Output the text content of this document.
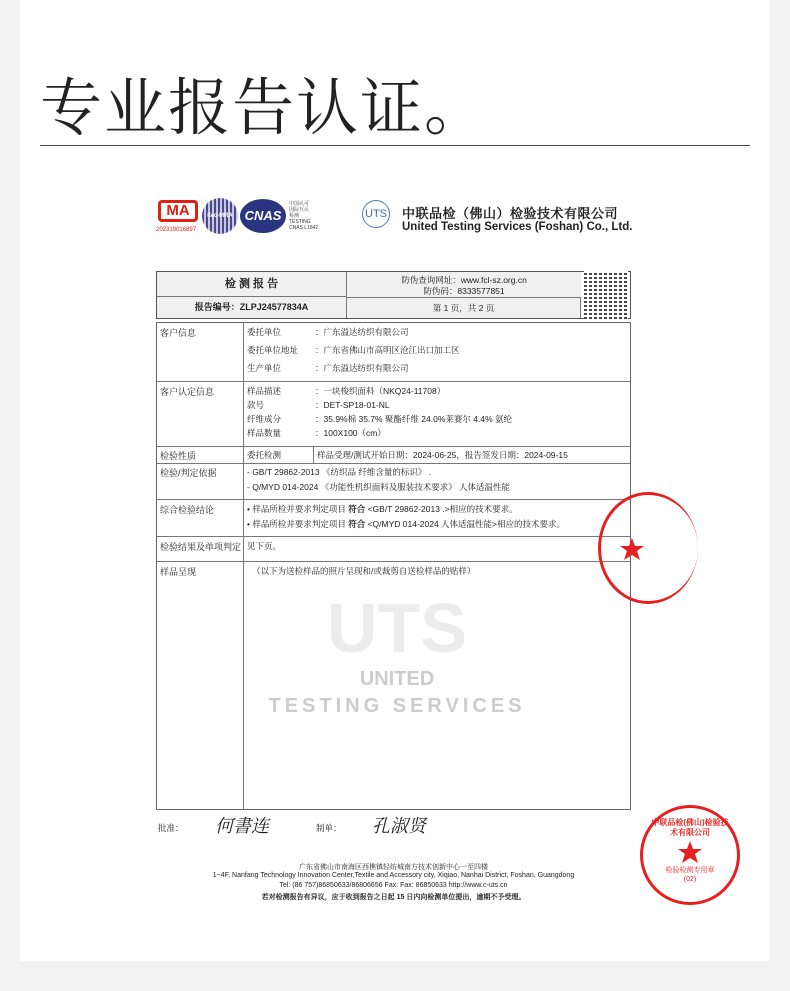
专业报告认证。
MA
202319016897
ilac-MRA CNAS
中国认可
国际互认
检测
TESTING
CNAS L1842
UTS 中联品检（佛山）检验技术有限公司
United Testing Services (Foshan) Co., Ltd.
检 测 报 告
报告编号：ZLPJ24577834A
防伪查询网址：www.fcl-sz.org.cn
防伪码：8333577851
第 1 页，共 2 页
UTS
UNITED
TESTING SERVICES
客户信息	委托单位	：广东溢达纺织有限公司
委托单位地址 ：广东省佛山市高明区沧江出口加工区
生产单位	：广东溢达纺织有限公司
客户认定信息	样品描述	：一块梭织面料（NKQ24-11708）
款号	：DET-SP18-01-NL
纤维成分	：35.9%棉 35.7% 聚酯纤维 24.0%莱赛尔 4.4% 氨纶
样品数量	：100X100（cm）
检验性质	委托检测	样品受理/测试开始日期：2024-06-25，报告签发日期：2024-09-15
检验/判定依据	- GB/T 29862-2013 《纺织品 纤维含量的标识》 .
- Q/MYD 014-2024 《功能性机织面料及服装技术要求》 人体适温性能
综合检验结论	• 样品所检并要求判定项目 符合 <GB/T 29862-2013 .>相应的技术要求。
• 样品所检并要求判定项目 符合 <Q/MYD 014-2024 人体适温性能>相应的技术要求。
检验结果及单项判定 见下页。
样品呈现	（以下为送检样品的照片呈现和/或裁剪自送检样品的贴样）
批准： 何書连	制单： 孔淑贤
广东省佛山市南海区西樵镇轻纺城南方技术创新中心一至四楼
1~4F, Nanfang Technology Innovation Center,Textile and Accessory city, Xiqiao, Nanhai District, Foshan, Guangdong
Tel: (86 757)86850633/86806656 Fax: Fax: 86850633 http://www.c-uts.cn
若对检测报告有异议，应于收到报告之日起 15 日内向检测单位提出，逾期不予受理。
中联品检(佛山)检验技术有限公司
检验检测专用章
(02)
